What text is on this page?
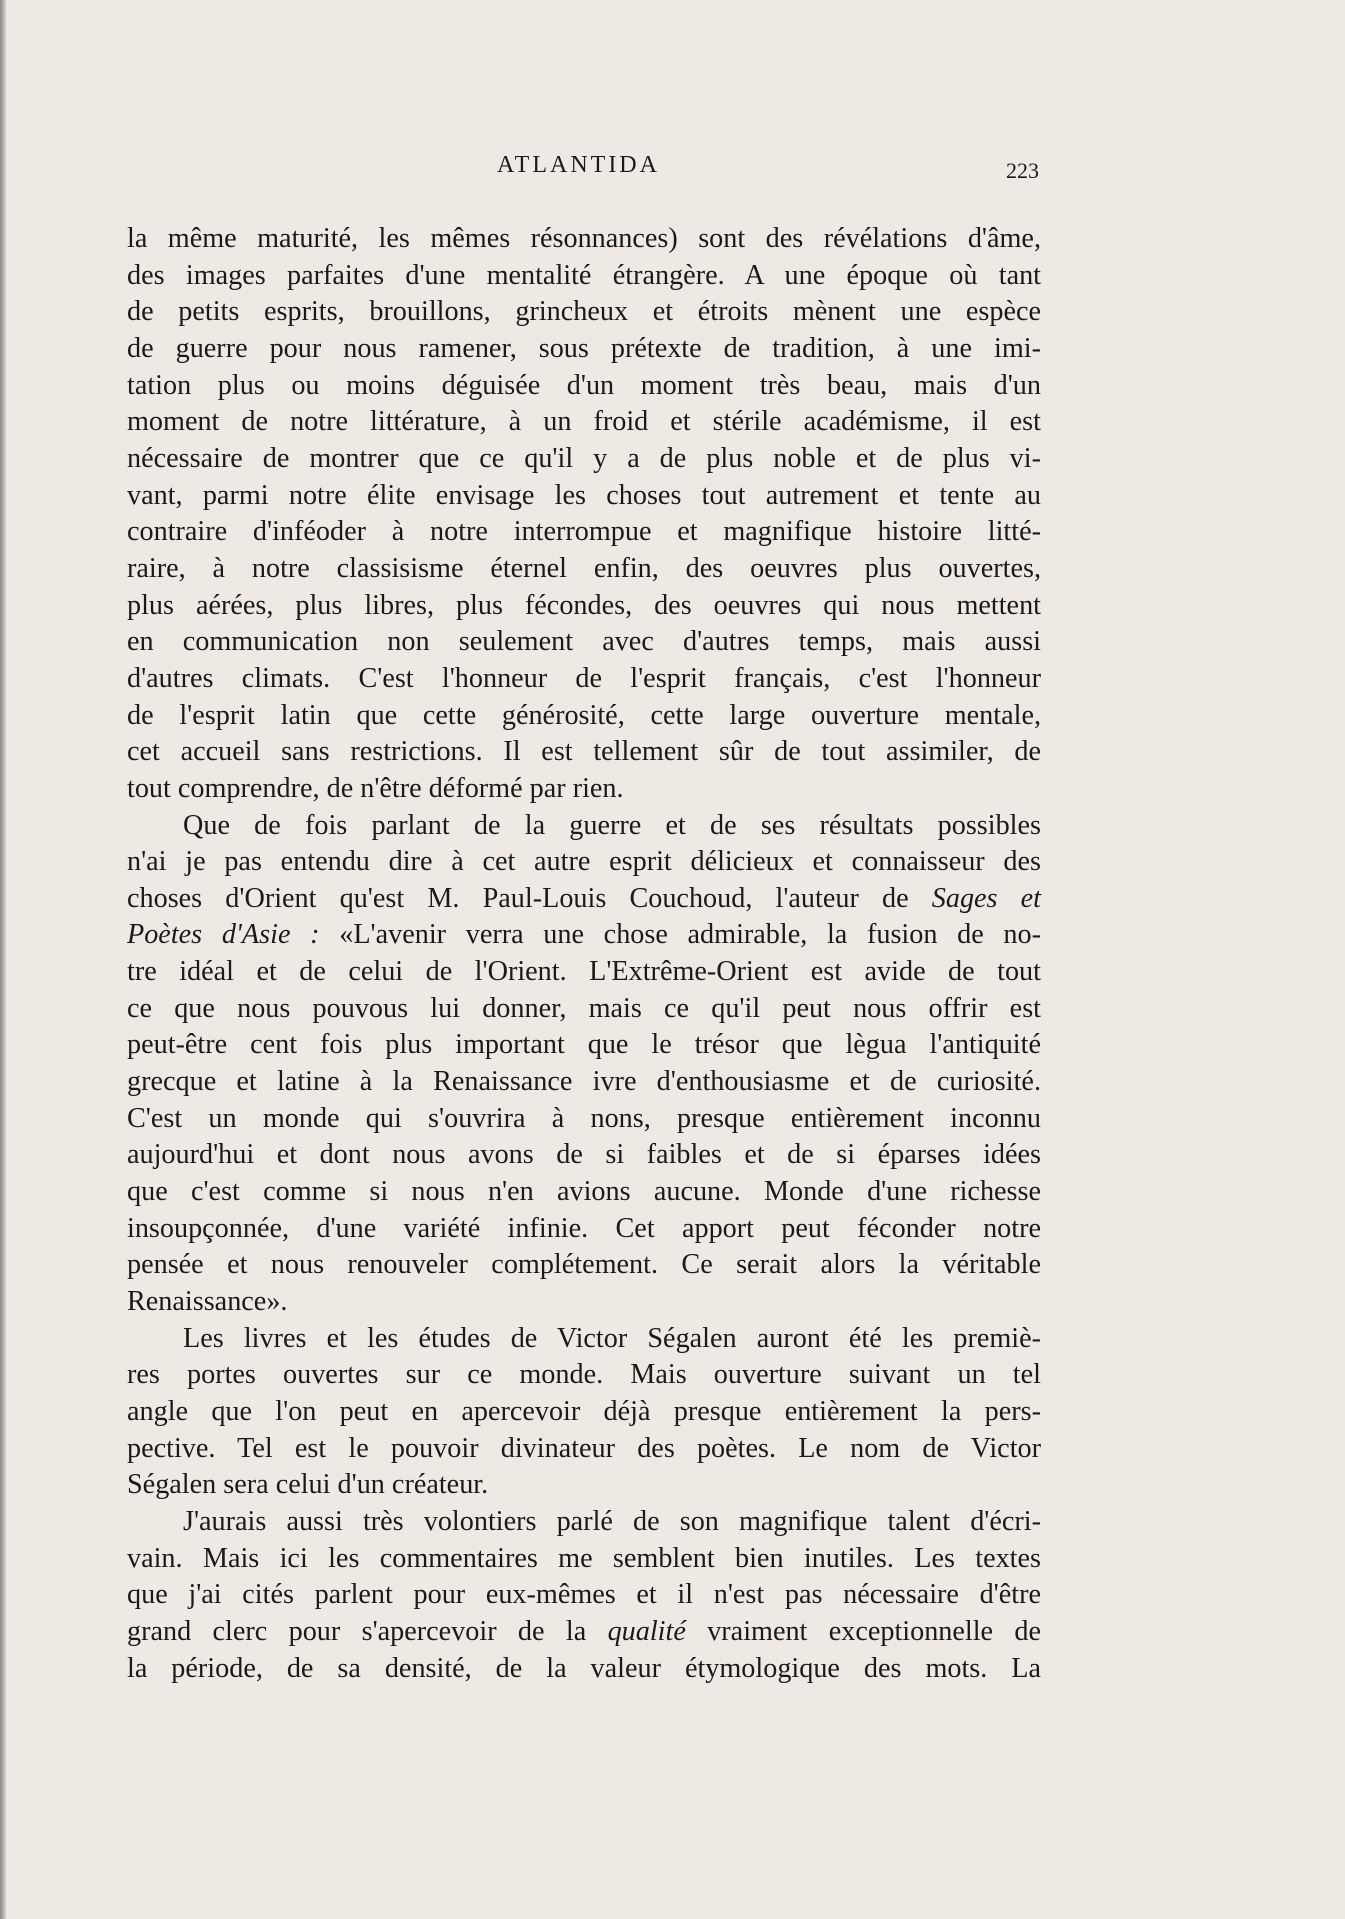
ATLANTIDA	223

la même maturité, les mêmes résonnances) sont des révélations d'âme,
des images parfaites d'une mentalité étrangère. A une époque où tant
de petits esprits, brouillons, grincheux et étroits mènent une espèce
de guerre pour nous ramener, sous prétexte de tradition, à une imi-
tation plus ou moins déguisée d'un moment très beau, mais d'un
moment de notre littérature, à un froid et stérile académisme, il est
nécessaire de montrer que ce qu'il y a de plus noble et de plus vi-
vant, parmi notre élite envisage les choses tout autrement et tente au
contraire d'inféoder à notre interrompue et magnifique histoire litté-
raire, à notre classisisme éternel enfin, des oeuvres plus ouvertes,
plus aérées, plus libres, plus fécondes, des oeuvres qui nous mettent
en communication non seulement avec d'autres temps, mais aussi
d'autres climats. C'est l'honneur de l'esprit français, c'est l'honneur
de l'esprit latin que cette générosité, cette large ouverture mentale,
cet accueil sans restrictions. Il est tellement sûr de tout assimiler, de
tout comprendre, de n'être déformé par rien.

Que de fois parlant de la guerre et de ses résultats possibles
n'ai je pas entendu dire à cet autre esprit délicieux et connaisseur des
choses d'Orient qu'est M. Paul-Louis Couchoud, l'auteur de Sages et
Poètes d'Asie : «L'avenir verra une chose admirable, la fusion de no-
tre idéal et de celui de l'Orient. L'Extrême-Orient est avide de tout
ce que nous pouvous lui donner, mais ce qu'il peut nous offrir est
peut-être cent fois plus important que le trésor que lègua l'antiquité
grecque et latine à la Renaissance ivre d'enthousiasme et de curiosité.
C'est un monde qui s'ouvrira à nons, presque entièrement inconnu
aujourd'hui et dont nous avons de si faibles et de si éparses idées
que c'est comme si nous n'en avions aucune. Monde d'une richesse
insoupçonnée, d'une variété infinie. Cet apport peut féconder notre
pensée et nous renouveler complétement. Ce serait alors la véritable
Renaissance».

Les livres et les études de Victor Ségalen auront été les premiè-
res portes ouvertes sur ce monde. Mais ouverture suivant un tel
angle que l'on peut en apercevoir déjà presque entièrement la pers-
pective. Tel est le pouvoir divinateur des poètes. Le nom de Victor
Ségalen sera celui d'un créateur.

J'aurais aussi très volontiers parlé de son magnifique talent d'écri-
vain. Mais ici les commentaires me semblent bien inutiles. Les textes
que j'ai cités parlent pour eux-mêmes et il n'est pas nécessaire d'être
grand clerc pour s'apercevoir de la qualité vraiment exceptionnelle de
la période, de sa densité, de la valeur étymologique des mots. La
